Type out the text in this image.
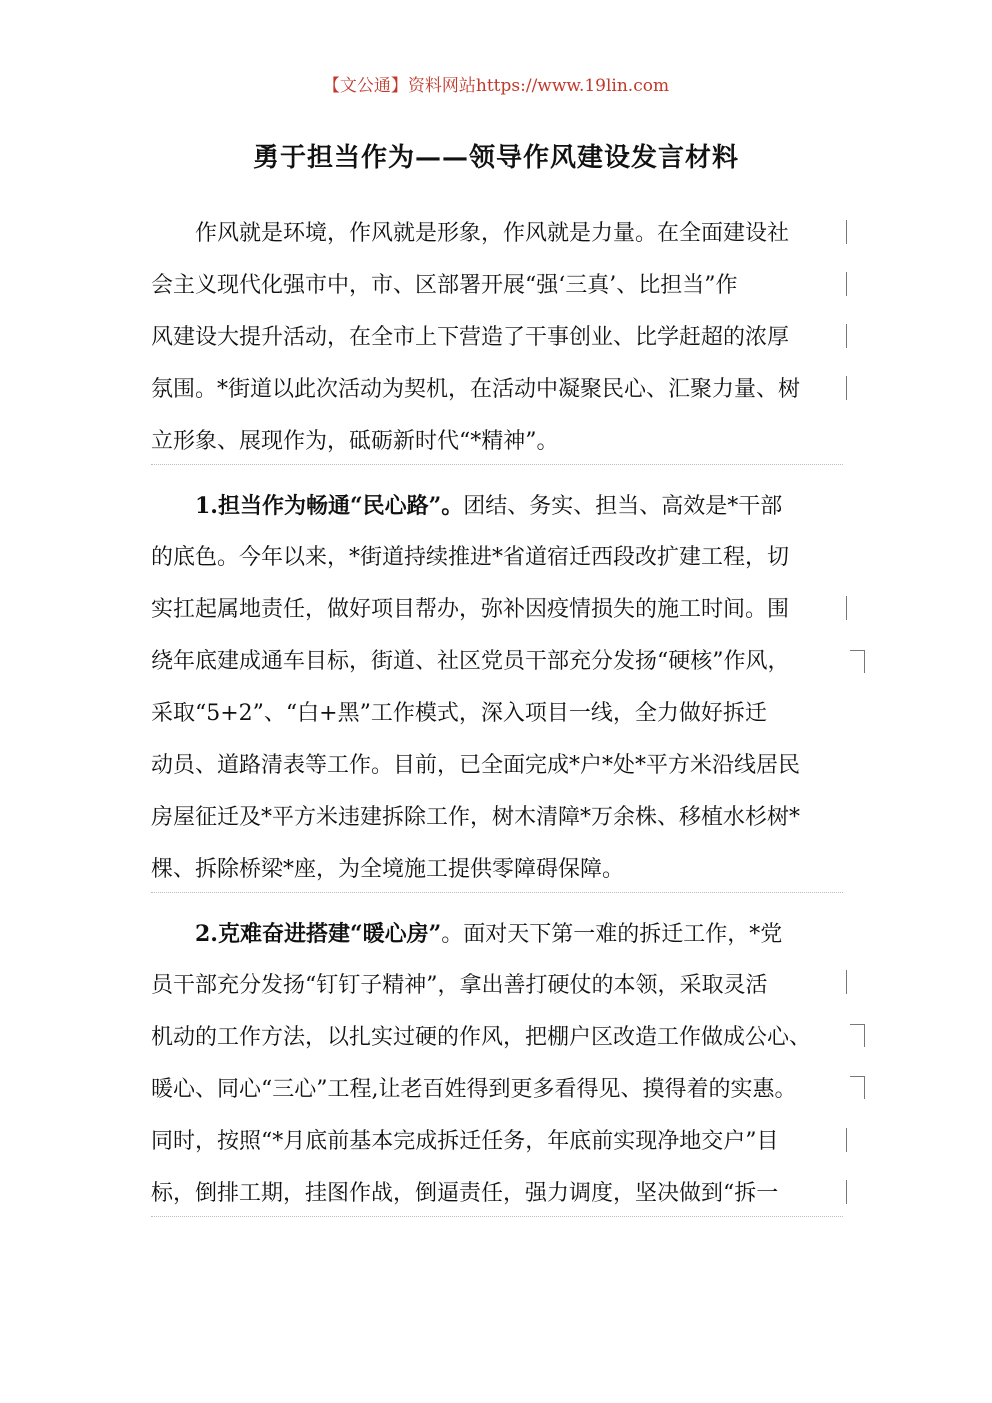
【文公通】资料网站https://www.19lin.com
勇于担当作为——领导作风建设发言材料
作风就是环境，作风就是形象，作风就是力量。在全面建设社
会主义现代化强市中，市、区部署开展“强‘三真’、比担当”作
风建设大提升活动，在全市上下营造了干事创业、比学赶超的浓厚
氛围。*街道以此次活动为契机，在活动中凝聚民心、汇聚力量、树
立形象、展现作为，砥砺新时代“*精神”。
1.担当作为畅通“民心路”。团结、务实、担当、高效是*干部
的底色。今年以来，*街道持续推进*省道宿迁西段改扩建工程，切
实扛起属地责任，做好项目帮办，弥补因疫情损失的施工时间。围
绕年底建成通车目标，街道、社区党员干部充分发扬“硬核”作风，
采取“5+2”、“白+黑”工作模式，深入项目一线，全力做好拆迁
动员、道路清表等工作。目前，已全面完成*户*处*平方米沿线居民
房屋征迁及*平方米违建拆除工作，树木清障*万余株、移植水杉树*
棵、拆除桥梁*座，为全境施工提供零障碍保障。
2.克难奋进搭建“暖心房”。面对天下第一难的拆迁工作，*党
员干部充分发扬“钉钉子精神”，拿出善打硬仗的本领，采取灵活
机动的工作方法，以扎实过硬的作风，把棚户区改造工作做成公心、
暖心、同心“三心”工程,让老百姓得到更多看得见、摸得着的实惠。
同时，按照“*月底前基本完成拆迁任务，年底前实现净地交户”目
标，倒排工期，挂图作战，倒逼责任，强力调度，坚决做到“拆一
